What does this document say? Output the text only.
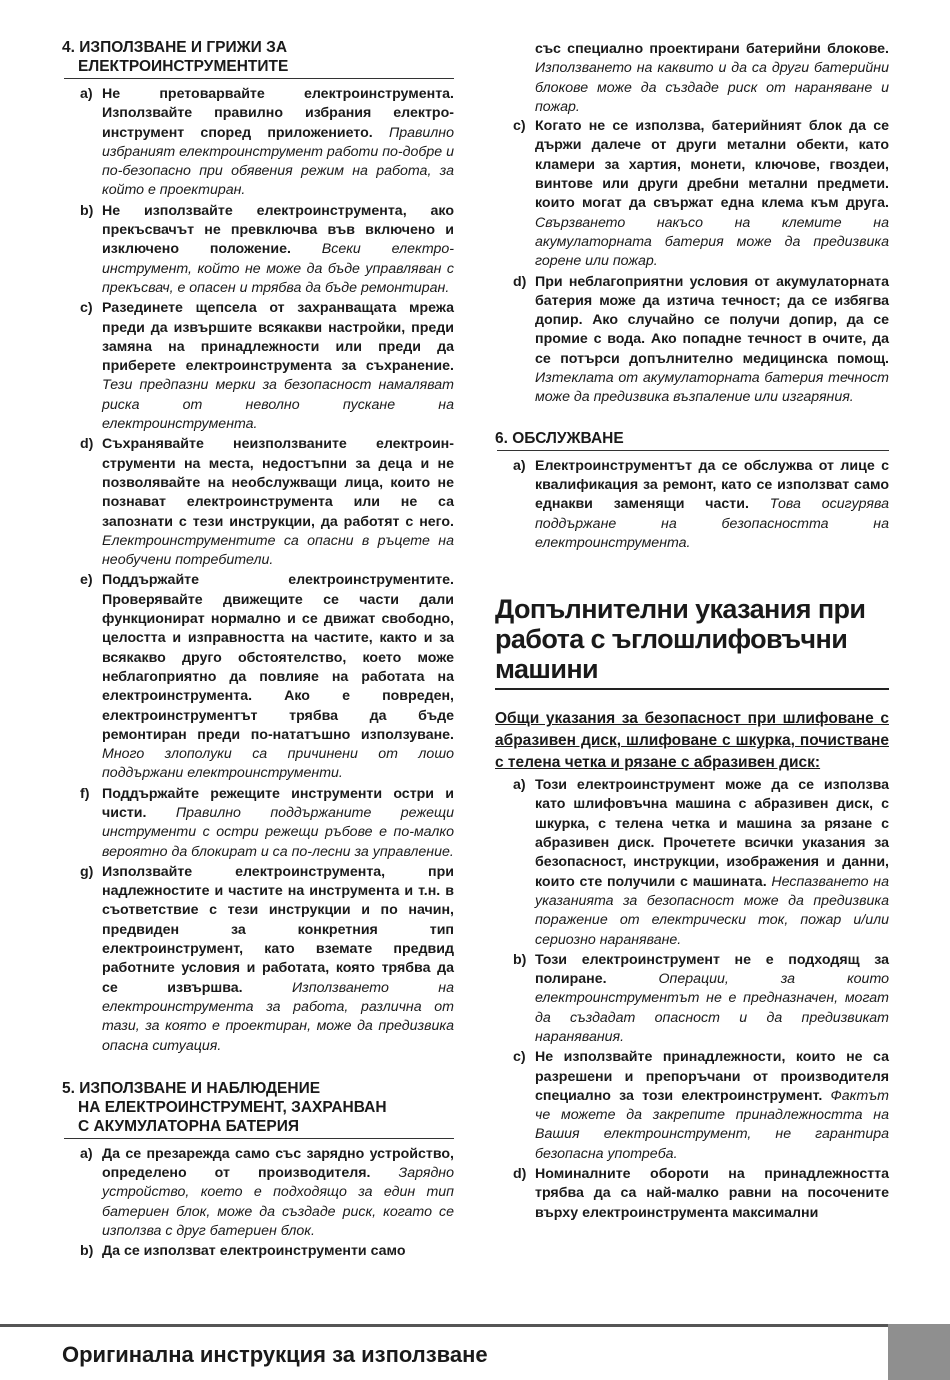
4. ИЗПОЛЗВАНЕ И ГРИЖИ ЗА
ЕЛЕКТРОИНСТРУМЕНТИТЕ
a) Не претоварвайте електроинструмента. Използвайте правилно избрания електроинструмент според приложението. Правилно избраният електроинструмент работи по-добре и по-безопасно при обявения режим на работа, за който е проектиран.
b) Не използвайте електроинструмента, ако прекъсвачът не превключва във включено и изключено положение. Всеки електроинструмент, който не може да бъде управляван с прекъсвач, е опасен и трябва да бъде ремонтиран.
c) Разединете щепсела от захранващата мрежа преди да извършите всякакви настройки, преди замяна на принадлежности или преди да приберете електроинструмента за съхранение. Тези предпазни мерки за безопасност намаляват риска от неволно пускане на електроинструмента.
d) Съхранявайте неизползваните електроинструменти на места, недостъпни за деца и не позволявайте на необслужващи лица, които не познават електроинструмента или не са запознати с тези инструкции, да работят с него. Електроинструментите са опасни в ръцете на необучени потребители.
e) Поддържайте електроинструментите. Проверявайте движещите се части дали функционират нормално и се движат свободно, целостта и изправността на частите, както и за всякакво друго обстоятелство, което може неблагоприятно да повлияе на работата на електроинструмента. Ако е повреден, електроинструментът трябва да бъде ремонтиран преди по-нататъшно използуване. Много злополуки са причинени от лошо поддържани електроинструменти.
f) Поддържайте режещите инструменти остри и чисти. Правилно поддържаните режещи инструменти с остри режещи ръбове е по-малко вероятно да блокират и са по-лесни за управление.
g) Използвайте електроинструмента, при надлежностите и частите на инструмента и т.н. в съответствие с тези инструкции и по начин, предвиден за конкретния тип електроинструмент, като вземате предвид работните условия и работата, която трябва да се извършва.	Използването на електроинструмента за работа, различна от тази, за която е проектиран, може да предизвика опасна ситуация.
5. ИЗПОЛЗВАНЕ И НАБЛЮДЕНИЕ
НА ЕЛЕКТРОИНСТРУМЕНТ, ЗАХРАНВАН
С АКУМУЛАТОРНА БАТЕРИЯ
a) Да се презарежда само със зарядно устройство, определено от производителя. Зарядно устройство, което е подходящо за един тип батериен блок, може да създаде риск, когато се използва с друг батериен блок.
b) Да се използват електроинструменти само
със специално проектирани батерийни блокове. Използването на каквито и да са други батерийни блокове може да създаде риск от нараняване и пожар.
c) Когато не се използва, батерийният блок да се държи далече от други метални обекти, като кламери за хартия, монети, ключове, гвоздеи, винтове или други дребни метални предмети. които могат да свържат една клема към друга. Свързването накъсо на клемите на акумулаторната батерия може да предизвика горене или пожар.
d) При неблагоприятни условия от акумулаторната батерия може да изтича течност; да се избягва допир. Ако случайно се получи допир, да се промие с вода. Ако попадне течност в очите, да се потърси допълнително медицинска помощ. Изтеклата от акумулаторната батерия течност може да предизвика възпаление или изгаряния.
6. ОБСЛУЖВАНЕ
a) Електроинструментът да се обслужва от лице с квалификация за ремонт, като се използват само еднакви заменящи части. Това осигурява поддържане на безопасността на електроинструмента.
Допълнителни указания при работа с ъглошлифовъчни машини
Общи указания за безопасност при шлифоване с абразивен диск, шлифоване с шкурка, почистване с телена четка и рязане с абразивен диск:
a) Този електроинструмент може да се използва като шлифовъчна машина с абразивен диск, с шкурка, с телена четка и машина за рязане с абразивен диск. Прочетете всички указания за безопасност, инструкции, изображения и данни, които сте получили с машината. Неспазването на указанията за безопасност може да предизвика поражение от електрически ток, пожар и/или сериозно нараняване.
b) Този електроинструмент не е подходящ за полиране.	Операции, за които електроинструментът не е предназначен, могат да създадат опасност и да предизвикат наранявания.
c) Не използвайте принадлежности, които не са разрешени и препоръчани от производителя специално за този електроинструмент. Фактът че можете да закрепите принадлежността на Вашия електроинструмент, не гарантира безопасна употреба.
d) Номиналните обороти на принадлежността трябва да са най-малко равни на посочените върху електроинструмента максимални
Оригинална инструкция за използване
